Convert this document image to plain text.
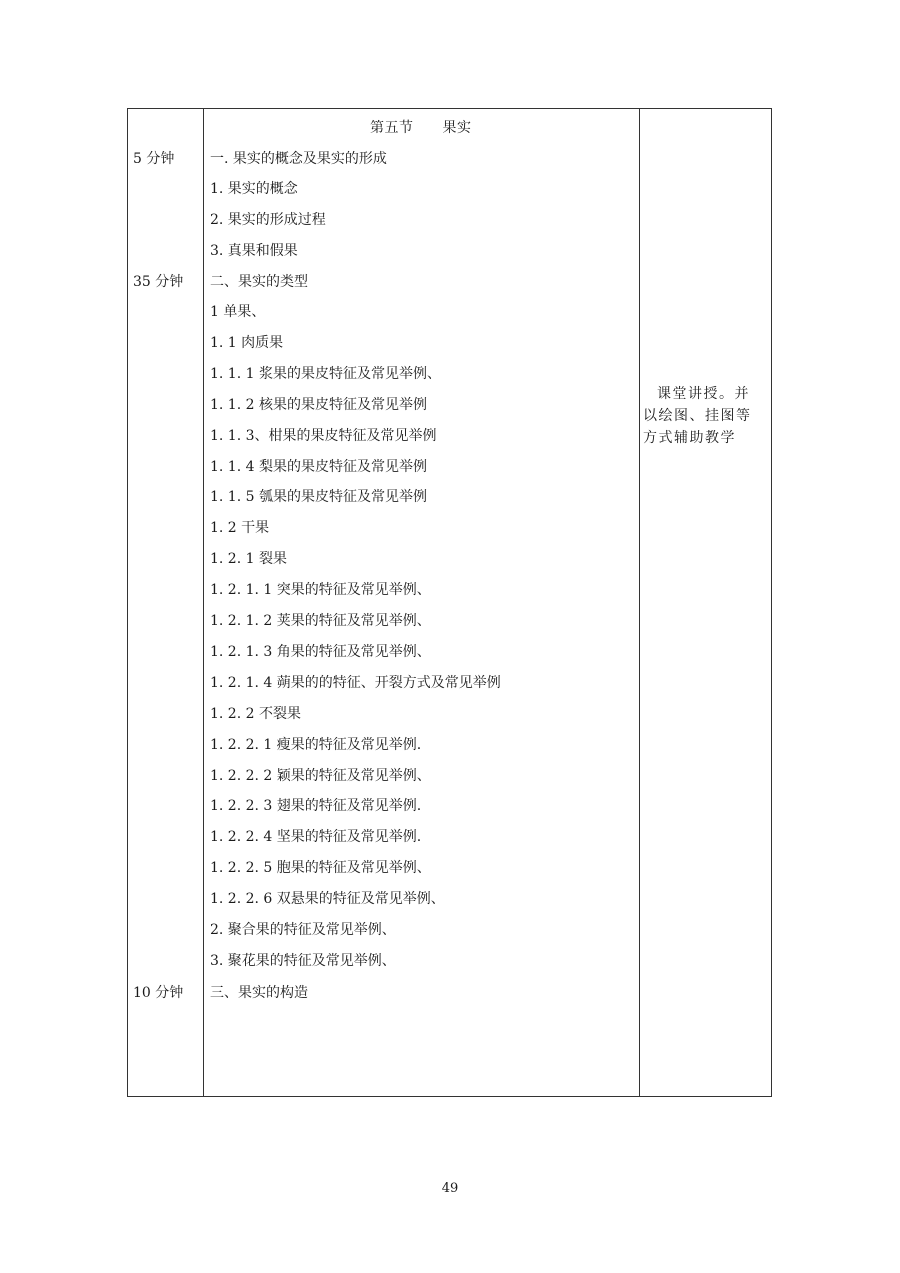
第五节　　果实
5 分钟
35 分钟
10 分钟
一. 果实的概念及果实的形成
1. 果实的概念
2. 果实的形成过程
3. 真果和假果
二、果实的类型
1 单果、
1. 1 肉质果
1. 1. 1 浆果的果皮特征及常见举例、
1. 1. 2 核果的果皮特征及常见举例
1. 1. 3、柑果的果皮特征及常见举例
1. 1. 4 梨果的果皮特征及常见举例
1. 1. 5 瓠果的果皮特征及常见举例
1. 2 干果
1. 2. 1 裂果
1. 2. 1. 1 突果的特征及常见举例、
1. 2. 1. 2 荚果的特征及常见举例、
1. 2. 1. 3 角果的特征及常见举例、
1. 2. 1. 4 蒴果的的特征、开裂方式及常见举例
1. 2. 2 不裂果
1. 2. 2. 1 瘦果的特征及常见举例.
1. 2. 2. 2 颖果的特征及常见举例、
1. 2. 2. 3 翅果的特征及常见举例.
1. 2. 2. 4 坚果的特征及常见举例.
1. 2. 2. 5 胞果的特征及常见举例、
1. 2. 2. 6 双悬果的特征及常见举例、
2. 聚合果的特征及常见举例、
3. 聚花果的特征及常见举例、
三、果实的构造
课堂讲授。并以绘图、挂图等方式辅助教学
49
